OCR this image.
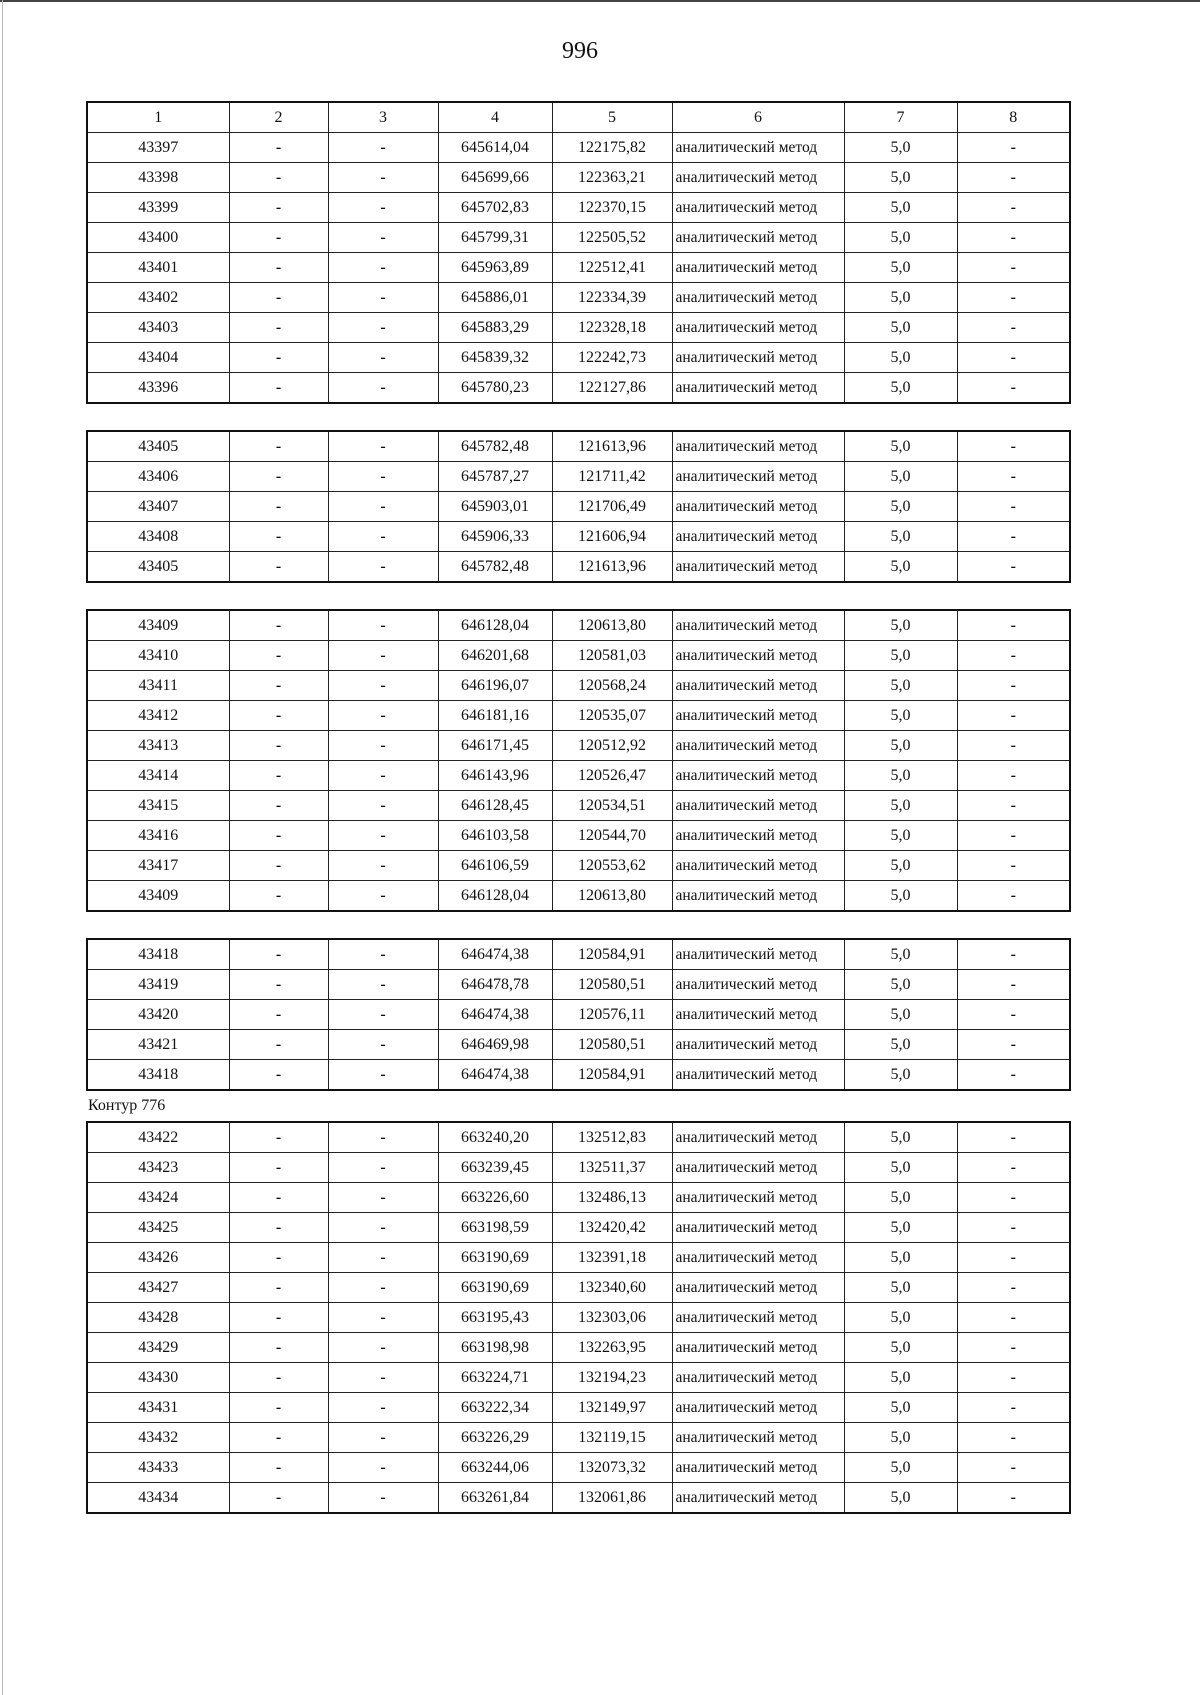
996
1	2	3	4	5	6	7	8
43397	-	-	645614,04	122175,82	аналитический метод	5,0	-
43398	-	-	645699,66	122363,21	аналитический метод	5,0	-
43399	-	-	645702,83	122370,15	аналитический метод	5,0	-
43400	-	-	645799,31	122505,52	аналитический метод	5,0	-
43401	-	-	645963,89	122512,41	аналитический метод	5,0	-
43402	-	-	645886,01	122334,39	аналитический метод	5,0	-
43403	-	-	645883,29	122328,18	аналитический метод	5,0	-
43404	-	-	645839,32	122242,73	аналитический метод	5,0	-
43396	-	-	645780,23	122127,86	аналитический метод	5,0	-
43405	-	-	645782,48	121613,96	аналитический метод	5,0	-
43406	-	-	645787,27	121711,42	аналитический метод	5,0	-
43407	-	-	645903,01	121706,49	аналитический метод	5,0	-
43408	-	-	645906,33	121606,94	аналитический метод	5,0	-
43405	-	-	645782,48	121613,96	аналитический метод	5,0	-
43409	-	-	646128,04	120613,80	аналитический метод	5,0	-
43410	-	-	646201,68	120581,03	аналитический метод	5,0	-
43411	-	-	646196,07	120568,24	аналитический метод	5,0	-
43412	-	-	646181,16	120535,07	аналитический метод	5,0	-
43413	-	-	646171,45	120512,92	аналитический метод	5,0	-
43414	-	-	646143,96	120526,47	аналитический метод	5,0	-
43415	-	-	646128,45	120534,51	аналитический метод	5,0	-
43416	-	-	646103,58	120544,70	аналитический метод	5,0	-
43417	-	-	646106,59	120553,62	аналитический метод	5,0	-
43409	-	-	646128,04	120613,80	аналитический метод	5,0	-
43418	-	-	646474,38	120584,91	аналитический метод	5,0	-
43419	-	-	646478,78	120580,51	аналитический метод	5,0	-
43420	-	-	646474,38	120576,11	аналитический метод	5,0	-
43421	-	-	646469,98	120580,51	аналитический метод	5,0	-
43418	-	-	646474,38	120584,91	аналитический метод	5,0	-
Контур 776
43422	-	-	663240,20	132512,83	аналитический метод	5,0	-
43423	-	-	663239,45	132511,37	аналитический метод	5,0	-
43424	-	-	663226,60	132486,13	аналитический метод	5,0	-
43425	-	-	663198,59	132420,42	аналитический метод	5,0	-
43426	-	-	663190,69	132391,18	аналитический метод	5,0	-
43427	-	-	663190,69	132340,60	аналитический метод	5,0	-
43428	-	-	663195,43	132303,06	аналитический метод	5,0	-
43429	-	-	663198,98	132263,95	аналитический метод	5,0	-
43430	-	-	663224,71	132194,23	аналитический метод	5,0	-
43431	-	-	663222,34	132149,97	аналитический метод	5,0	-
43432	-	-	663226,29	132119,15	аналитический метод	5,0	-
43433	-	-	663244,06	132073,32	аналитический метод	5,0	-
43434	-	-	663261,84	132061,86	аналитический метод	5,0	-
